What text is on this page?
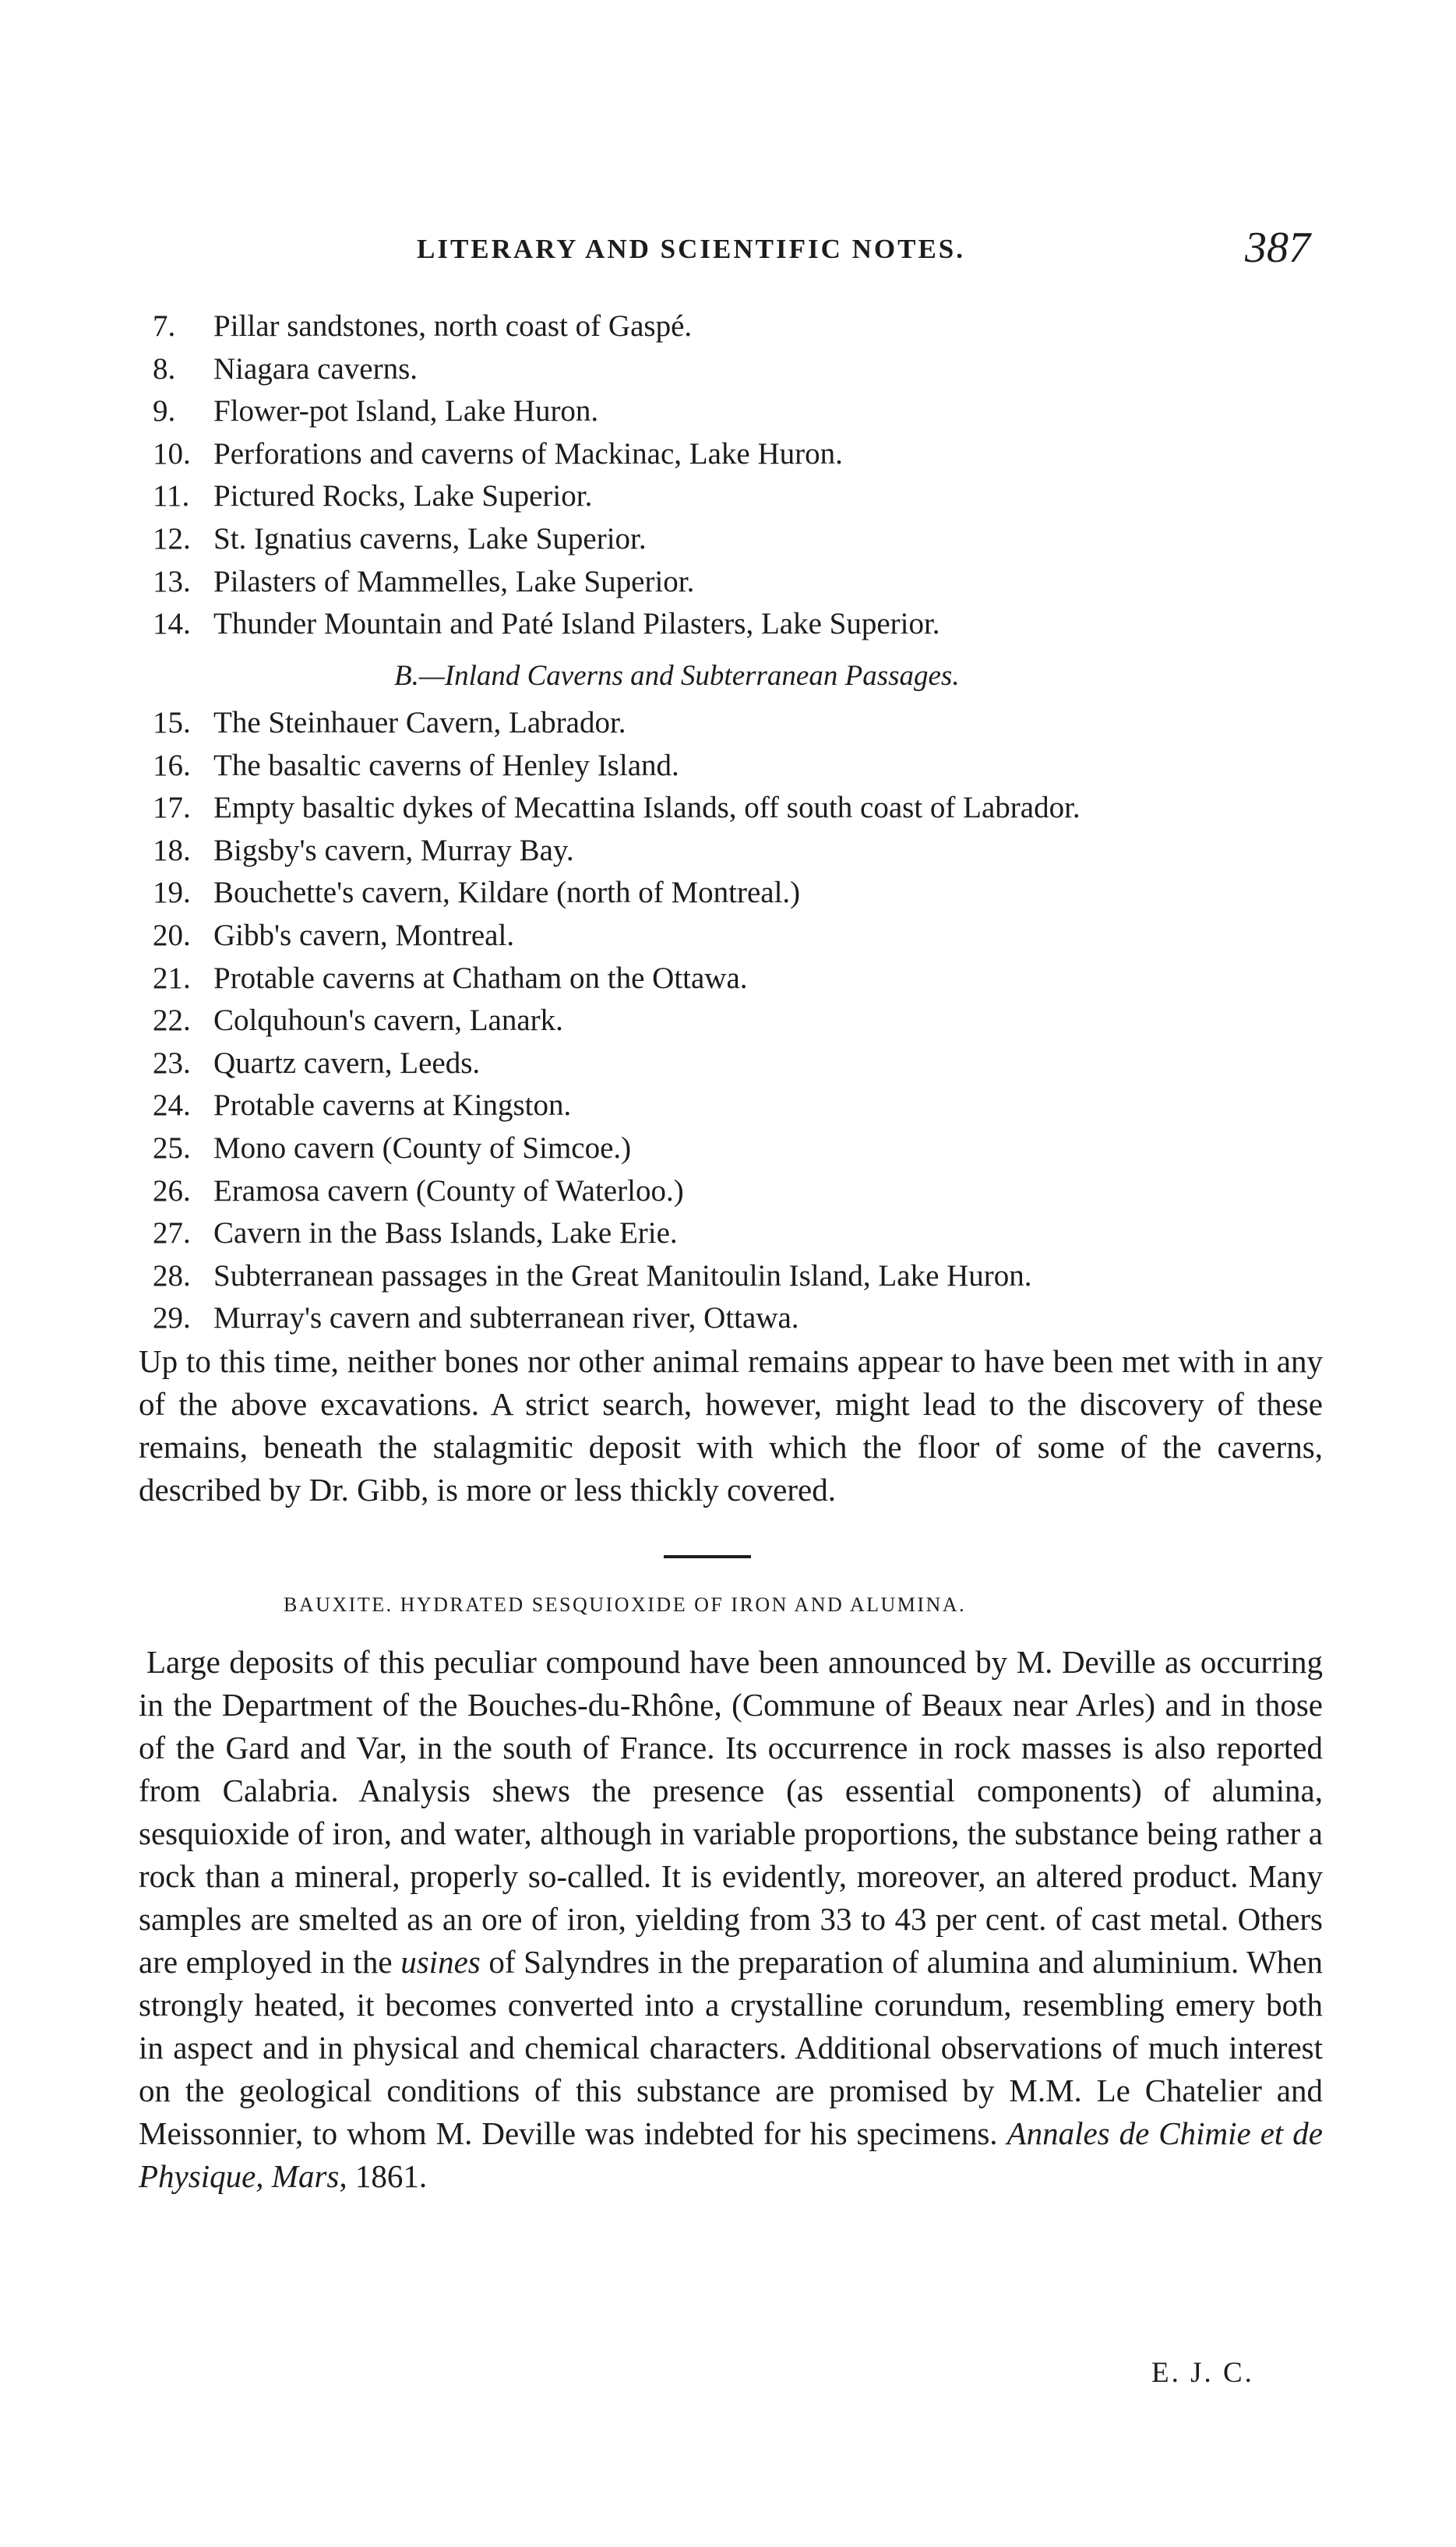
LITERARY AND SCIENTIFIC NOTES.	387
7. Pillar sandstones, north coast of Gaspé.
8. Niagara caverns.
9. Flower-pot Island, Lake Huron.
10. Perforations and caverns of Mackinac, Lake Huron.
11. Pictured Rocks, Lake Superior.
12. St. Ignatius caverns, Lake Superior.
13. Pilasters of Mammelles, Lake Superior.
14. Thunder Mountain and Paté Island Pilasters, Lake Superior.
B.—Inland Caverns and Subterranean Passages.
15. The Steinhauer Cavern, Labrador.
16. The basaltic caverns of Henley Island.
17. Empty basaltic dykes of Mecattina Islands, off south coast of Labrador.
18. Bigsby's cavern, Murray Bay.
19. Bouchette's cavern, Kildare (north of Montreal.)
20. Gibb's cavern, Montreal.
21. Protable caverns at Chatham on the Ottawa.
22. Colquhoun's cavern, Lanark.
23. Quartz cavern, Leeds.
24. Protable caverns at Kingston.
25. Mono cavern (County of Simcoe.)
26. Eramosa cavern (County of Waterloo.)
27. Cavern in the Bass Islands, Lake Erie.
28. Subterranean passages in the Great Manitoulin Island, Lake Huron.
29. Murray's cavern and subterranean river, Ottawa.

Up to this time, neither bones nor other animal remains appear to have been met with in any of the above excavations. A strict search, however, might lead to the discovery of these remains, beneath the stalagmitic deposit with which the floor of some of the caverns, described by Dr. Gibb, is more or less thickly covered.

BAUXITE. HYDRATED SESQUIOXIDE OF IRON AND ALUMINA.

Large deposits of this peculiar compound have been announced by M. Deville as occurring in the Department of the Bouches-du-Rhône, (Commune of Beaux near Arles) and in those of the Gard and Var, in the south of France. Its occurrence in rock masses is also reported from Calabria. Analysis shews the presence (as essential components) of alumina, sesquioxide of iron, and water, although in variable proportions, the substance being rather a rock than a mineral, properly so-called. It is evidently, moreover, an altered product. Many samples are smelted as an ore of iron, yielding from 33 to 43 per cent. of cast metal. Others are employed in the usines of Salyndres in the preparation of alumina and aluminium. When strongly heated, it becomes converted into a crystalline corundum, resembling emery both in aspect and in physical and chemical characters. Additional observations of much interest on the geological conditions of this substance are promised by M.M. Le Chatelier and Meissonnier, to whom M. Deville was indebted for his specimens. Annales de Chimie et de Physique, Mars, 1861.

E. J. C.
